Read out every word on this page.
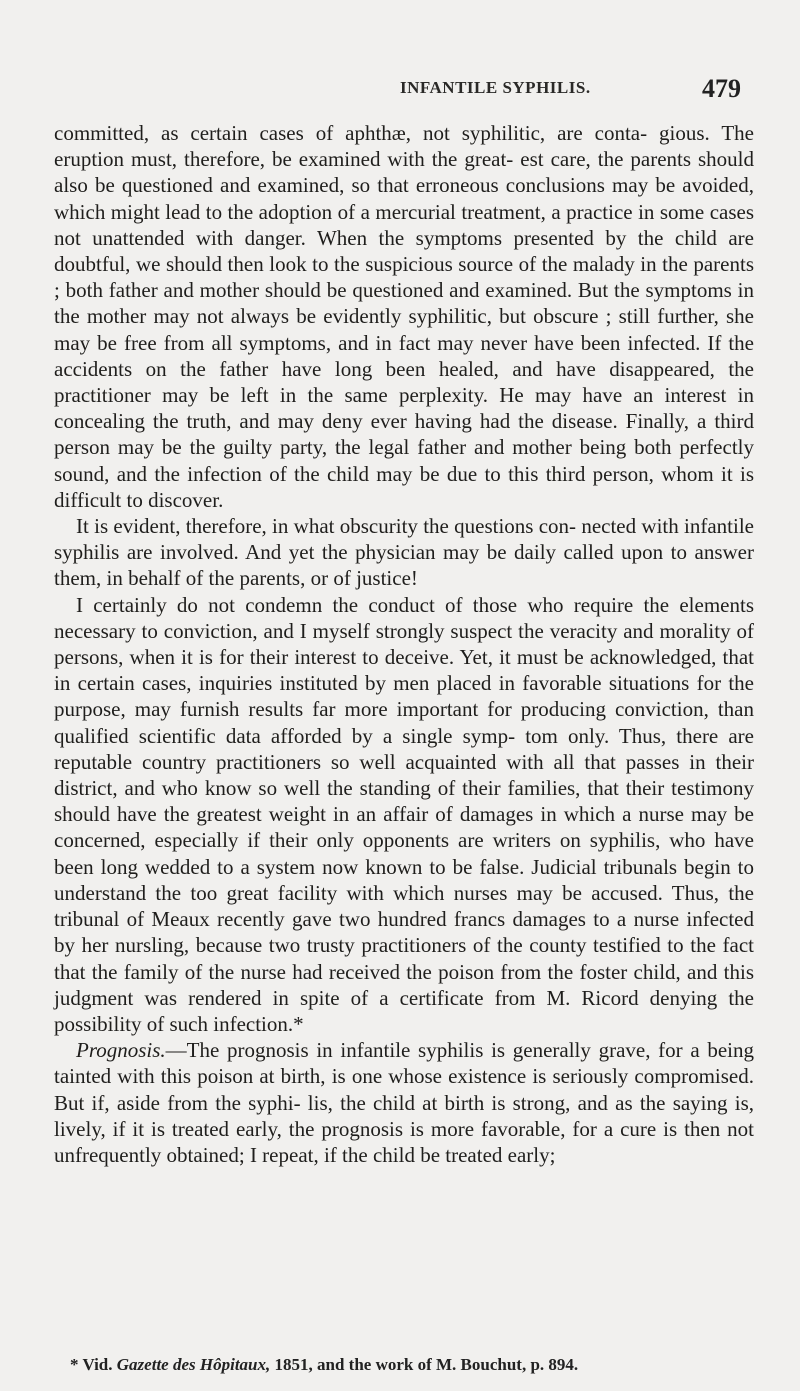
INFANTILE SYPHILIS.	479

committed, as certain cases of aphthæ, not syphilitic, are conta- gious. The eruption must, therefore, be examined with the great- est care, the parents should also be questioned and examined, so that erroneous conclusions may be avoided, which might lead to the adoption of a mercurial treatment, a practice in some cases not unattended with danger. When the symptoms presented by the child are doubtful, we should then look to the suspicious source of the malady in the parents ; both father and mother should be questioned and examined. But the symptoms in the mother may not always be evidently syphilitic, but obscure ; still further, she may be free from all symptoms, and in fact may never have been infected. If the accidents on the father have long been healed, and have disappeared, the practitioner may be left in the same perplexity. He may have an interest in concealing the truth, and may deny ever having had the disease. Finally, a third person may be the guilty party, the legal father and mother being both perfectly sound, and the infection of the child may be due to this third person, whom it is difficult to discover.

It is evident, therefore, in what obscurity the questions con- nected with infantile syphilis are involved. And yet the physician may be daily called upon to answer them, in behalf of the parents, or of justice!

I certainly do not condemn the conduct of those who require the elements necessary to conviction, and I myself strongly suspect the veracity and morality of persons, when it is for their interest to deceive. Yet, it must be acknowledged, that in certain cases, inquiries instituted by men placed in favorable situations for the purpose, may furnish results far more important for producing conviction, than qualified scientific data afforded by a single symp- tom only. Thus, there are reputable country practitioners so well acquainted with all that passes in their district, and who know so well the standing of their families, that their testimony should have the greatest weight in an affair of damages in which a nurse may be concerned, especially if their only opponents are writers on syphilis, who have been long wedded to a system now known to be false. Judicial tribunals begin to understand the too great facility with which nurses may be accused. Thus, the tribunal of Meaux recently gave two hundred francs damages to a nurse infected by her nursling, because two trusty practitioners of the county testified to the fact that the family of the nurse had received the poison from the foster child, and this judgment was rendered in spite of a certificate from M. Ricord denying the possibility of such infection.*

Prognosis.—The prognosis in infantile syphilis is generally grave, for a being tainted with this poison at birth, is one whose existence is seriously compromised. But if, aside from the syphi- lis, the child at birth is strong, and as the saying is, lively, if it is treated early, the prognosis is more favorable, for a cure is then not unfrequently obtained; I repeat, if the child be treated early;

* Vid. Gazette des Hôpitaux, 1851, and the work of M. Bouchut, p. 894.
